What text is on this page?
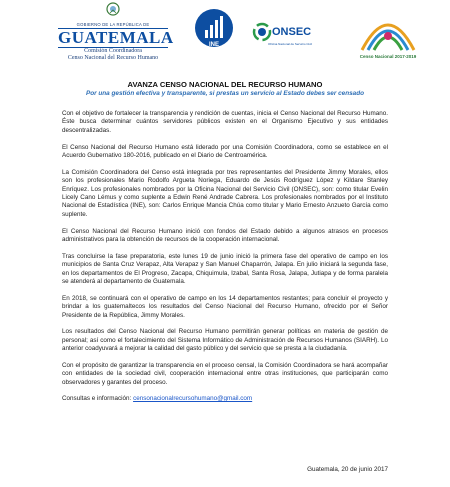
GOBIERNO DE LA REPÚBLICA DE
GUATEMALA
Comisión Coordinadora
Censo Nacional del Recurso Humano
INE
ONSEC
Oficina Nacional de Servicio Civil
Censo Nacional 2017-2019
AVANZA CENSO NACIONAL DEL RECURSO HUMANO
Por una gestión efectiva y transparente, si prestas un servicio al Estado debes ser censado

Con el objetivo de fortalecer la transparencia y rendición de cuentas, inicia el Censo Nacional del Recurso Humano. Éste busca determinar cuántos servidores públicos existen en el Organismo Ejecutivo y sus entidades descentralizadas.

El Censo Nacional del Recurso Humano está liderado por una Comisión Coordinadora, como se establece en el Acuerdo Gubernativo 180-2016, publicado en el Diario de Centroamérica.

La Comisión Coordinadora del Censo está integrada por tres representantes del Presidente Jimmy Morales, ellos son los profesionales Mario Rodolfo Argueta Noriega, Eduardo de Jesús Rodríguez López y Kildare Stanley Enríquez. Los profesionales nombrados por la Oficina Nacional del Servicio Civil (ONSEC), son: como titular Evelin Licely Cano Lémus y como suplente a Edwin René Andrade Cabrera. Los profesionales nombrados por el Instituto Nacional de Estadística (INE), son: Carlos Enrique Mancia Chúa como titular y Mario Ernesto Anzueto García como suplente.

El Censo Nacional del Recurso Humano inició con fondos del Estado debido a algunos atrasos en procesos administrativos para la obtención de recursos de la cooperación internacional.

Tras concluirse la fase preparatoria, este lunes 19 de junio inició la primera fase del operativo de campo en los municipios de Santa Cruz Verapaz, Alta Verapaz y San Manuel Chaparrón, Jalapa. En julio iniciará la segunda fase, en los departamentos de El Progreso, Zacapa, Chiquimula, Izabal, Santa Rosa, Jalapa, Jutiapa y de forma paralela se atenderá al departamento de Guatemala.

En 2018, se continuará con el operativo de campo en los 14 departamentos restantes; para concluir el proyecto y brindar a los guatemaltecos los resultados del Censo Nacional del Recurso Humano, ofrecido por el Señor Presidente de la República, Jimmy Morales.

Los resultados del Censo Nacional del Recurso Humano permitirán generar políticas en materia de gestión de personal; así como el fortalecimiento del Sistema Informático de Administración de Recursos Humanos (SIARH). Lo anterior coadyuvará a mejorar la calidad del gasto público y del servicio que se presta a la ciudadanía.

Con el propósito de garantizar la transparencia en el proceso censal, la Comisión Coordinadora se hará acompañar con entidades de la sociedad civil, cooperación internacional entre otras instituciones, que participarán como observadores y garantes del proceso.

Consultas e información: censonacionalrecursohumano@gmail.com

Guatemala, 20 de junio 2017
